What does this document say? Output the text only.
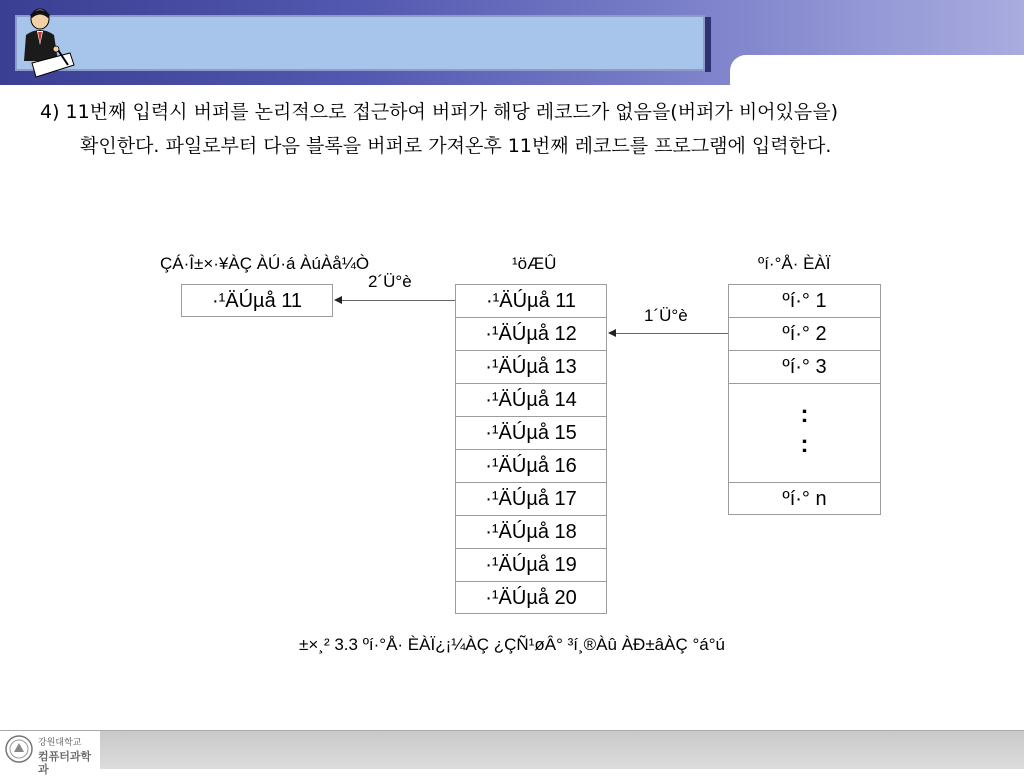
4) 11번째 입력시 버퍼를 논리적으로 접근하여 버퍼가 해당 레코드가 없음을(버퍼가 비어있음을)
확인한다. 파일로부터 다음 블록을 버퍼로 가져온후 11번째 레코드를 프로그램에 입력한다.
ÇÁ·Î±×·¥ÀÇ ÀÚ·á ÀúÀå¼Ò	¹öÆÛ	ºí·°Å· ÈÀÏ
·¹ÄÚµå 11	·¹ÄÚµå 11
·¹ÄÚµå 12
·¹ÄÚµå 13
·¹ÄÚµå 14
·¹ÄÚµå 15
·¹ÄÚµå 16
·¹ÄÚµå 17
·¹ÄÚµå 18
·¹ÄÚµå 19
·¹ÄÚµå 20
ºí·° 1
ºí·° 2
ºí·° 3
:
:
ºí·° n
2´Ü°è
1´Ü°è
±×¸² 3.3 ºí·°Å· ÈÀÏ¿¡¼ÀÇ ¿ÇÑ¹øÂ° ³í¸®Àû ÀÐ±âÀÇ °á°ú
강원대학교
컴퓨터과학과
